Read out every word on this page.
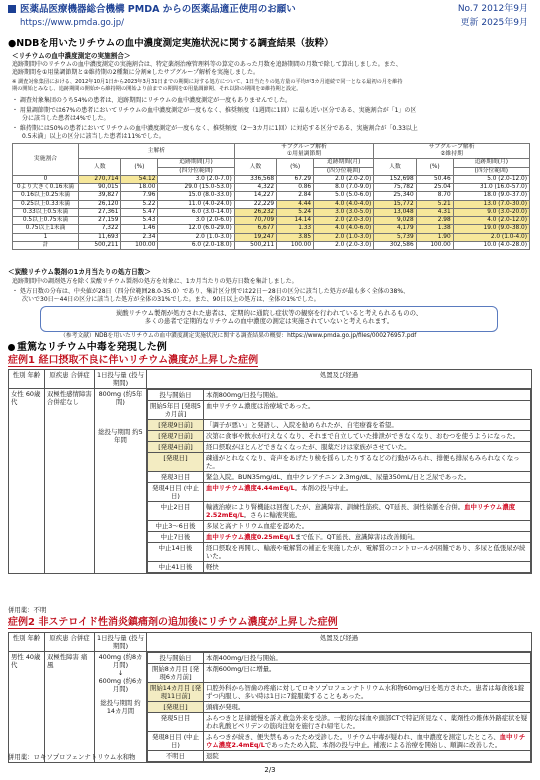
医薬品医療機器総合機構 PMDA からの医薬品適正使用のお願い
https://www.pmda.go.jp/
No.7 2012年9月
更新 2025年9月
●NDBを用いたリチウムの血中濃度測定実施状況に関する調査結果（抜粋）
＜リチウムの血中濃度測定の実施割合＞
追跡期間中のリチウムの血中濃度測定の実施割合は、特定薬剤治療管理料等の算定のあった月数を追跡期間の月数で除して算出しました。また、
追跡期間を①用量調節期と②維持期の2種類に分割※したサブグループ解析を実施しました。
※ 調査対象集団における、2012年10月1日から2023年3月31日までの期間に対する処方について、1日当たりの処方量の平均が3カ月連続で同一となる最初の月を維持
期の開始とみなし、追跡期間の開始から維持期の開始より前までの期間を①用量調節期、それ以降の期間を②維持期と設定。
・ 調査対象集団のうち54%の患者は、追跡期間にリチウムの血中濃度測定が一度もありませんでした。
・ 用量調節期では67%の患者においてリチウムの血中濃度測定が一度もなく、推奨頻度（1週間に1回）に最も近い区分である、実施割合が「1」の区
分に該当した患者は4%でした。
・ 維持期には50%の患者においてリチウムの血中濃度測定が一度もなく、推奨頻度（2～3カ月に1回）に対応する区分である、実施割合が「0.33以上
0.5未満」以上の区分に該当した患者は11%でした。
実施割合	主解析			サブグループ解析
①用量調節期			サブグループ解析
②維持期		
	人数	(%)	追跡期間(月)	人数	(%)	追跡期間(月)	人数	(%)	追跡期間(月)
			(四分位範囲)			(四分位範囲)			(四分位範囲)
0	270,714	54.12	3.0 (2.0-7.0)	336,568	67.29	2.0 (2.0-2.0)	152,698	50.46	5.0 (2.0-12.0)
0より大きく0.16未満	90,015	18.00	29.0 (15.0-53.0)	4,322	0.86	8.0 (7.0-9.0)	75,782	25.04	31.0 (16.0-57.0)
0.16以上0.25未満	39,827	7.96	15.0 (8.0-33.0)	14,227	2.84	5.0 (5.0-6.0)	25,340	8.70	18.0 (9.0-37.0)
0.25以上0.33未満	26,120	5.22	11.0 (4.0-24.0)	22,229	4.44	4.0 (4.0-4.0)	15,772	5.21	13.0 (7.0-30.0)
0.33以上0.5未満	27,361	5.47	6.0 (3.0-14.0)	26,232	5.24	3.0 (3.0-5.0)	13,048	4.31	9.0 (3.0-20.0)
0.5以上0.75未満	27,159	5.43	3.0 (2.0-6.0)	70,709	14.14	2.0 (2.0-3.0)	9,028	2.98	4.0 (2.0-12.0)
0.75以上1未満	7,322	1.46	12.0 (6.0-29.0)	6,677	1.33	4.0 (4.0-6.0)	4,179	1.38	19.0 (9.0-38.0)
1	11,693	2.34	2.0 (1.0-3.0)	19,247	3.85	2.0 (1.0-3.0)	5,739	1.90	2.0 (1.0-4.0)
計	500,211	100.00	6.0 (2.0-18.0)	500,211	100.00	2.0 (2.0-3.0)	302,586	100.00	10.0 (4.0-28.0)
＜炭酸リチウム製剤の1カ月当たりの処方日数＞
追跡期間中の調剤処方を除く炭酸リチウム製剤の処方を対象に、1カ月当たりの処方日数を集計しました。
・ 処方日数の分布は、中央値が28日（四分位範囲28.0-35.0）であり、集計区分別では22日～28日の区分に該当した処方が最も多く全体の38%、
次いで30日～44日の区分に該当した処方が全体の31%でした。また、90日以上の処方は、全体の1%でした。
炭酸リチウム製剤が処方された患者は、定期的に通院し症状等の観察を行われていると考えられるものの、
多くの患者で定期的なリチウムの血中濃度の測定は実施されていないと考えられます。
（参考文献）NDBを用いたリチウムの血中濃度測定実施状況に関する調査結果の概要：https://www.pmda.go.jp/files/000276957.pdf
重篤なリチウム中毒を発現した例
症例1 経口摂取不良に伴いリチウム濃度が上昇した症例
性別 年齢	原疾患 合併症	1日投与量 (投与期間)	処置及び経過
女性 60歳代	双極性感情障害 合併症なし	
800mg (約5年間)
総投与期間 約5年間

投与開始日	本剤800mg/日投与開始。
開始5年目 [発現5カ月前]	血中リチウム濃度は治療域であった。
[発現9日前]	「調子が悪い」と発語し、入院を勧められたが、自宅療養を希望。
[発現7日前]	次第に食事や飲水が行えなくなり、それまで自立していた排泄ができなくなり、おむつを使うようになった。
[発現4日前]	経口摂取がほとんどできなくなったが、服薬だけは家族がさせていた。
[発現日]	疎通がとれなくなり、奇声をあげたり検を揺らしたりするなどの行動がみられ、排便も排尿もみられなくなった。
発現3日目	緊急入院。BUN35mg/dL、血中クレアチニン 2.3mg/dL、尿量350mL/日と乏尿であった。
発現4日目 (中止日)	血中リチウム濃度4.44mEq/L。本剤の投与中止。
中止2日目	輸液治療により腎機能は回復したが、意識障害、訓練性筋疾、QT延長、洞性徐脈を合併。血中リチウム濃度2.52mEq/L。さらに輸液実施。
中止3〜6日後	多尿と高ナトリウム血症を認めた。
中止7日後	血中リチウム濃度0.25mEq/Lまで低下。QT延長、意識障害は改善傾向。
中止14日後	経口摂取を再開し、輸液や電解質の補正を実施したが、電解質のコントロールが困難であり、多尿と低張尿が続いた。
中止41日後	軽快
併用薬：不明
症例2 非ステロイド性消炎鎮痛剤の追加後にリチウム濃度が上昇した症例
性別 年齢	原疾患 合併症	1日投与量 (投与期間)	処置及び経過
男性 40歳代	双極性障害 痛風	
400mg (約8カ月間)
↓
600mg (約6カ月間)
総投与期間 約14カ月間

投与開始日	本剤400mg/日投与開始。
開始8カ月目 [発現6カ月前]	本剤600mg/日に増量。
開始14カ月目 [発現11日前]	口腔外科から智歯の疼痛に対してロキソプロフェンナトリウム水和物60mg/日を処方された。患者は毎食後1錠ずつ内服し、多い時は1日に7錠服薬することもあった。
[発現日]	頭痛が発現。
発現5日目	ふらつきと足律緩慢を訴え救急外来を受診。一般的な採血や頭部CTで特記所見なく、薬剤性の錐体外路症状を疑われ乳酸ビペリデンの筋肉注射を施行され帰宅した。
発現8日目 (中止日)	ふらつきが続き、便失禁もあったため受診した。リチウム中毒が疑われ、血中濃度を測定したところ、血中リチウム濃度2.4mEq/Lであったため入院、本剤の投与中止。補液による治療を開始し、順調に改善した。
不明日	退院
併用薬：ロキソプロフェンナトリウム水和物
2/3
